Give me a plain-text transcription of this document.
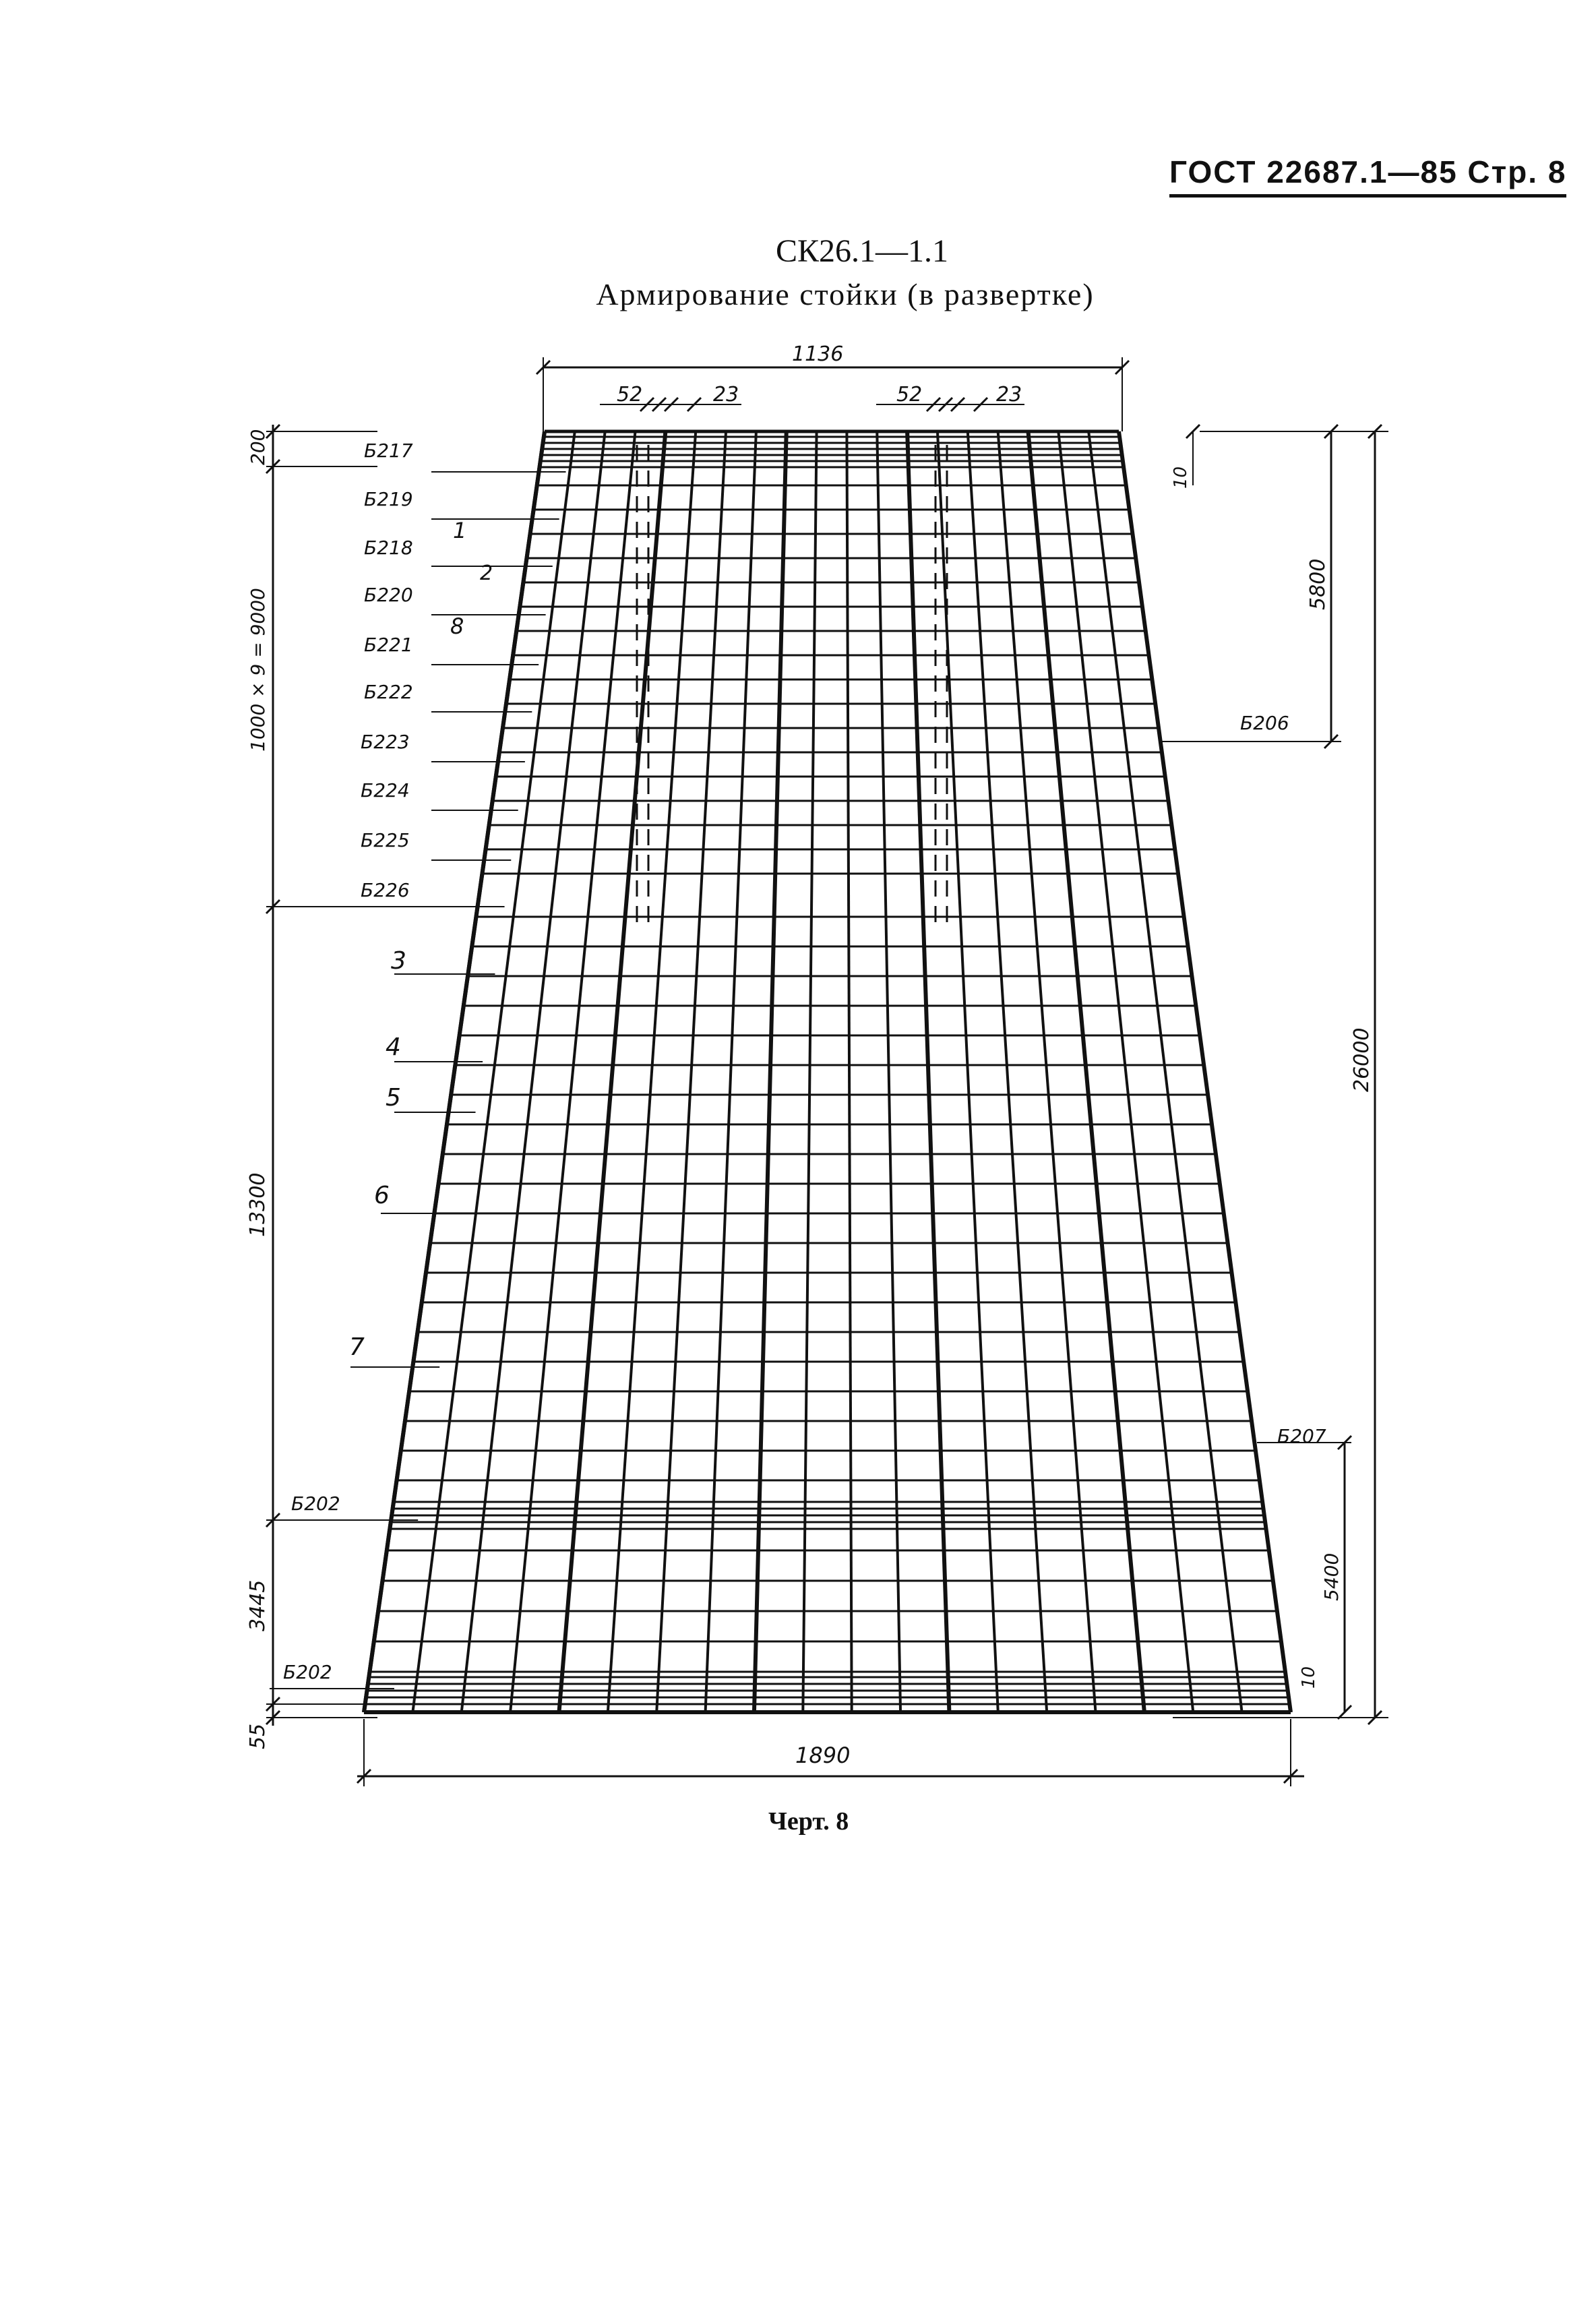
ГОСТ 22687.1—85 Стр. 8
СК26.1—1.1
Армирование стойки (в развертке)
1136
52	23	52	23
1890
200
1000 × 9 = 9000
13300
3445
55
10
5800
26000
5400
10
Б217
Б219
Б218
Б220
Б221
Б222
Б223
Б224
Б225
Б226
Б206
Б207
Б202
Б202
1
2
8
3
4
5
6
7
Черт. 8
